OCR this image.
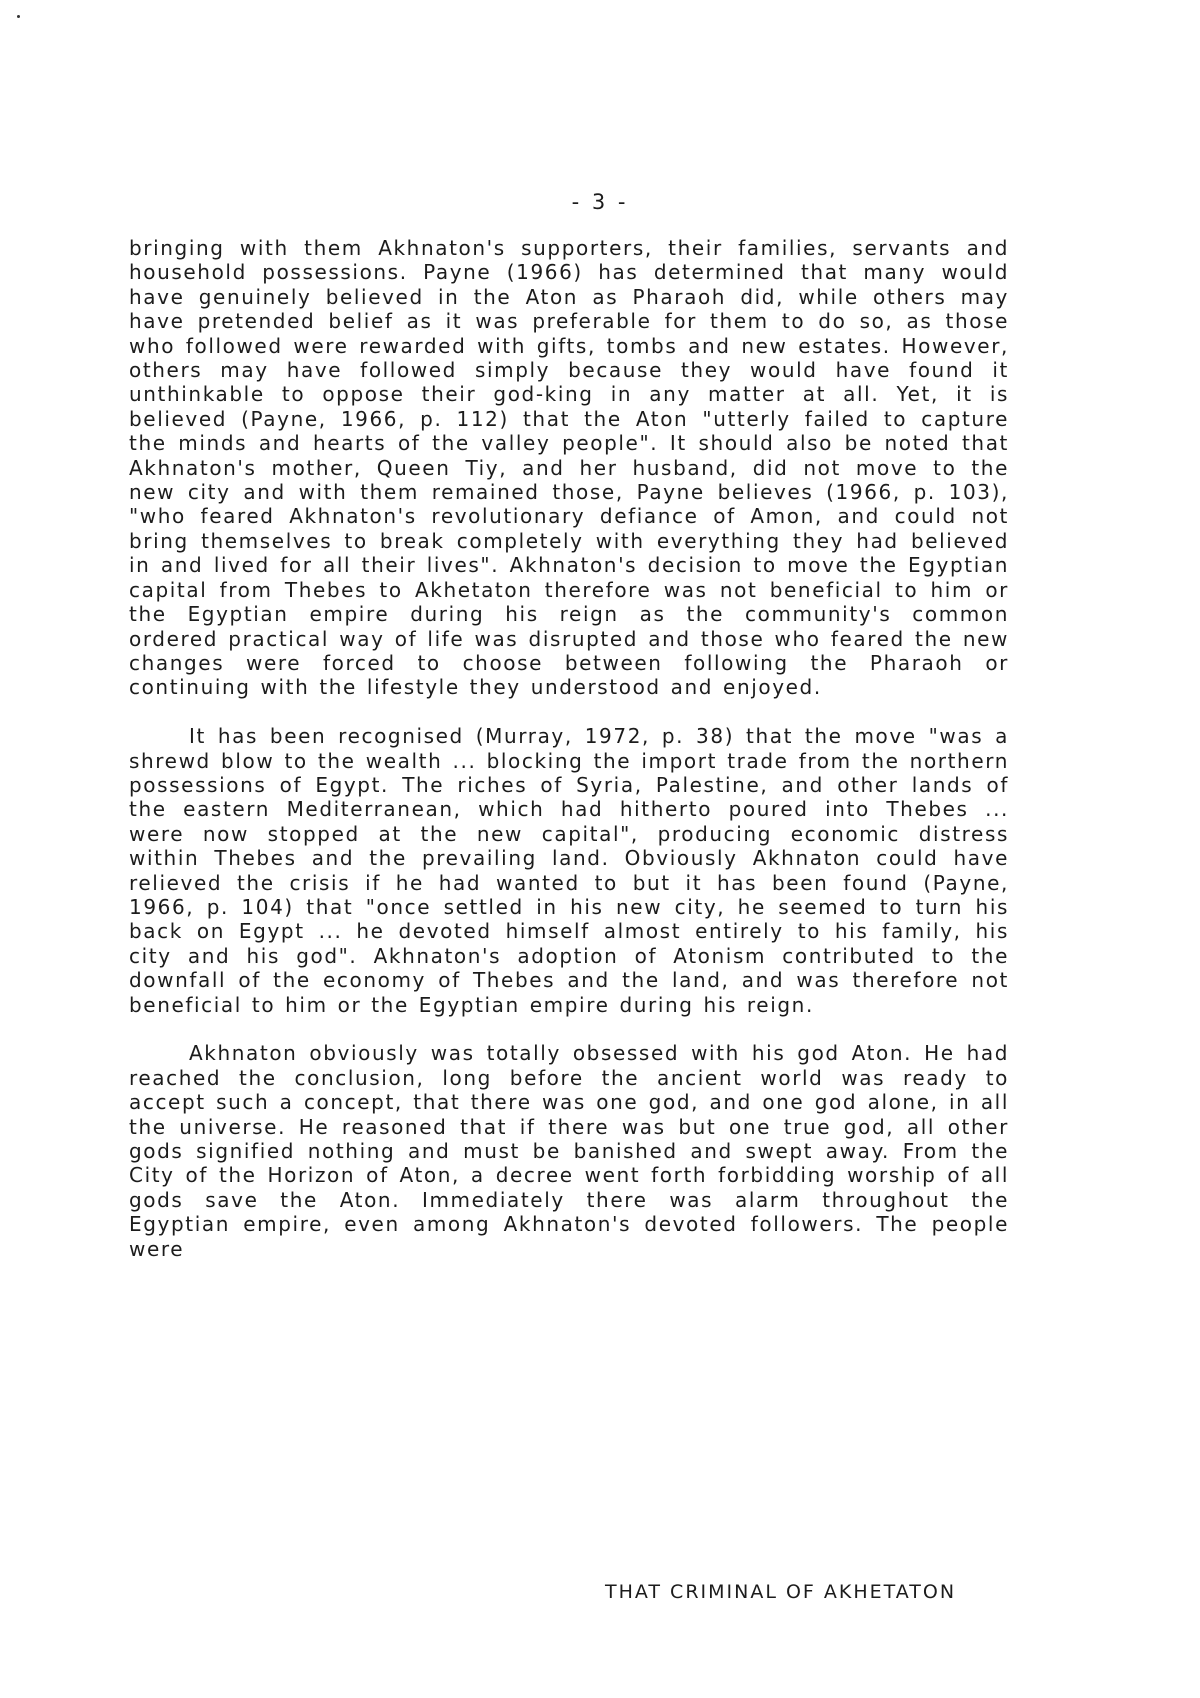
- 3 -

bringing with them Akhnaton's supporters, their families, servants and household possessions. Payne (1966) has determined that many would have genuinely believed in the Aton as Pharaoh did, while others may have pretended belief as it was preferable for them to do so, as those who followed were rewarded with gifts, tombs and new estates. However, others may have followed simply because they would have found it unthinkable to oppose their god-king in any matter at all. Yet, it is believed (Payne, 1966, p. 112) that the Aton "utterly failed to capture the minds and hearts of the valley people". It should also be noted that Akhnaton's mother, Queen Tiy, and her husband, did not move to the new city and with them remained those, Payne believes (1966, p. 103), "who feared Akhnaton's revolutionary defiance of Amon, and could not bring themselves to break completely with everything they had believed in and lived for all their lives". Akhnaton's decision to move the Egyptian capital from Thebes to Akhetaton therefore was not beneficial to him or the Egyptian empire during his reign as the community's common ordered practical way of life was disrupted and those who feared the new changes were forced to choose between following the Pharaoh or continuing with the lifestyle they understood and enjoyed.

It has been recognised (Murray, 1972, p. 38) that the move "was a shrewd blow to the wealth ... blocking the import trade from the northern possessions of Egypt. The riches of Syria, Palestine, and other lands of the eastern Mediterranean, which had hitherto poured into Thebes ... were now stopped at the new capital", producing economic distress within Thebes and the prevailing land. Obviously Akhnaton could have relieved the crisis if he had wanted to but it has been found (Payne, 1966, p. 104) that "once settled in his new city, he seemed to turn his back on Egypt ... he devoted himself almost entirely to his family, his city and his god". Akhnaton's adoption of Atonism contributed to the downfall of the economy of Thebes and the land, and was therefore not beneficial to him or the Egyptian empire during his reign.

Akhnaton obviously was totally obsessed with his god Aton. He had reached the conclusion, long before the ancient world was ready to accept such a concept, that there was one god, and one god alone, in all the universe. He reasoned that if there was but one true god, all other gods signified nothing and must be banished and swept away. From the City of the Horizon of Aton, a decree went forth forbidding worship of all gods save the Aton. Immediately there was alarm throughout the Egyptian empire, even among Akhnaton's devoted followers. The people were

THAT CRIMINAL OF AKHETATON
